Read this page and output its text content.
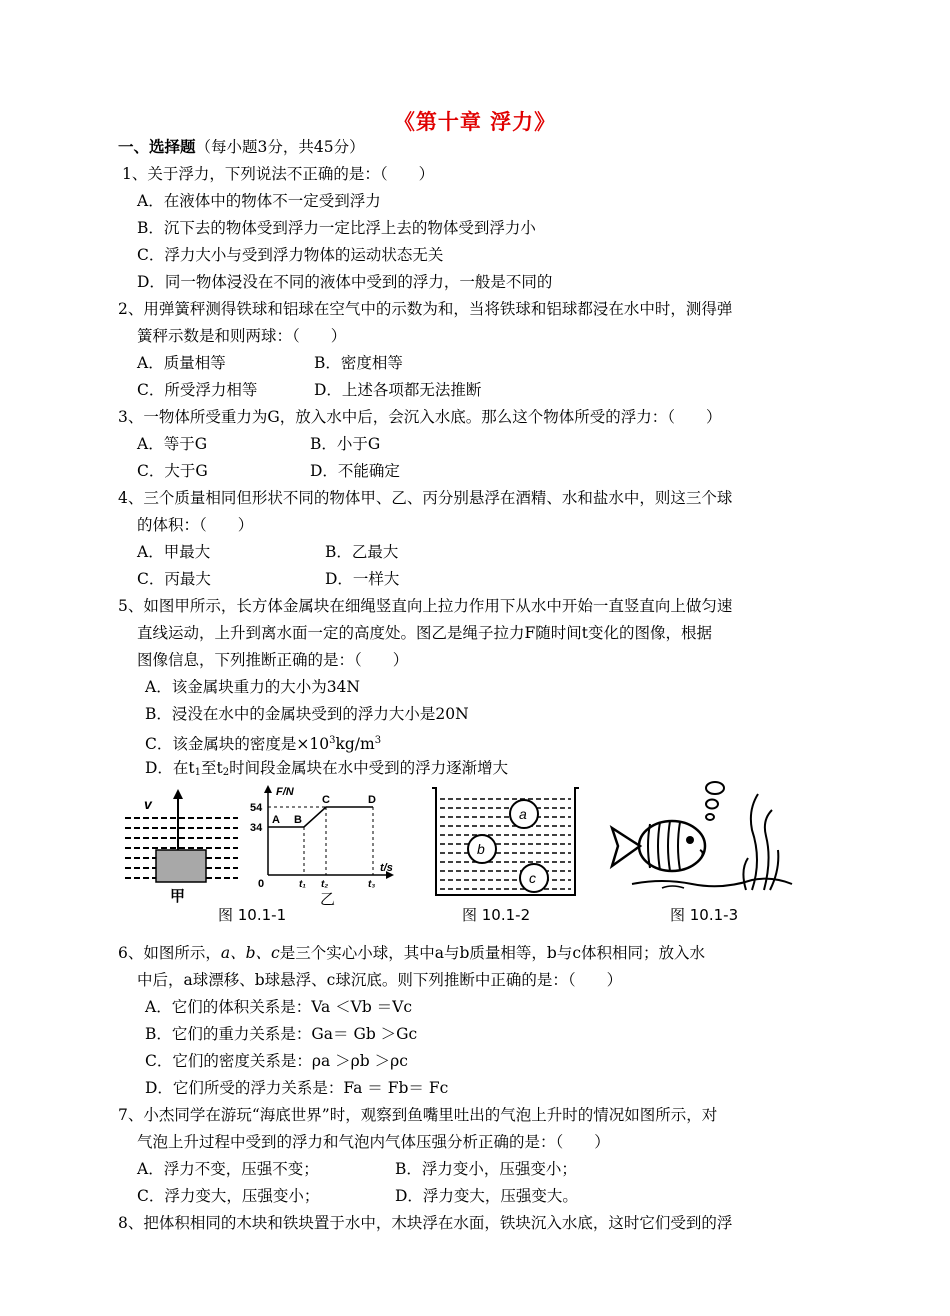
《第十章 浮力》
一、选择题（每小题3分，共45分）
1、关于浮力，下列说法不正确的是：（　　）
A．在液体中的物体不一定受到浮力
B．沉下去的物体受到浮力一定比浮上去的物体受到浮力小
C．浮力大小与受到浮力物体的运动状态无关
D．同一物体浸没在不同的液体中受到的浮力，一般是不同的
2、用弹簧秤测得铁球和铝球在空气中的示数为和，当将铁球和铝球都浸在水中时，测得弹
簧秤示数是和则两球：（　　）
A．质量相等	B．密度相等
C．所受浮力相等	D．上述各项都无法推断
3、一物体所受重力为G，放入水中后，会沉入水底。那么这个物体所受的浮力：（　　）
A．等于G	B．小于G
C．大于G	D．不能确定
4、三个质量相同但形状不同的物体甲、乙、丙分别悬浮在酒精、水和盐水中，则这三个球
的体积：（　　）
A．甲最大	B．乙最大
C．丙最大	D．一样大
5、如图甲所示，长方体金属块在细绳竖直向上拉力作用下从水中开始一直竖直向上做匀速
直线运动，上升到离水面一定的高度处。图乙是绳子拉力F随时间t变化的图像，根据
图像信息，下列推断正确的是：（　　）
A．该金属块重力的大小为34N
B．浸没在水中的金属块受到的浮力大小是20N
C．该金属块的密度是$\times 10^3kg/m^3$
D．在$t_1$至$t_2$时间段金属块在水中受到的浮力逐渐增大
v
甲
F/N
t/s
54
34
0
A B
C	D
t₁ t₂	t₃
乙
a
b
c
图 10.1-1	图 10.1-2	图 10.1-3
6、如图所示，a、b、c是三个实心小球，其中a与b质量相等，b与c体积相同；放入水
中后，a球漂移、b球悬浮、c球沉底。则下列推断中正确的是：（　　）
A．它们的体积关系是：Va ＜Vb ＝Vc
B．它们的重力关系是：Ga＝ Gb ＞Gc
C．它们的密度关系是：ρa ＞ρb ＞ρc
D．它们所受的浮力关系是：Fa ＝ Fb＝ Fc
7、小杰同学在游玩“海底世界”时，观察到鱼嘴里吐出的气泡上升时的情况如图所示，对
气泡上升过程中受到的浮力和气泡内气体压强分析正确的是：（　　）
A．浮力不变，压强不变；	B．浮力变小，压强变小；
C．浮力变大，压强变小；	D．浮力变大，压强变大。
8、把体积相同的木块和铁块置于水中，木块浮在水面，铁块沉入水底，这时它们受到的浮
